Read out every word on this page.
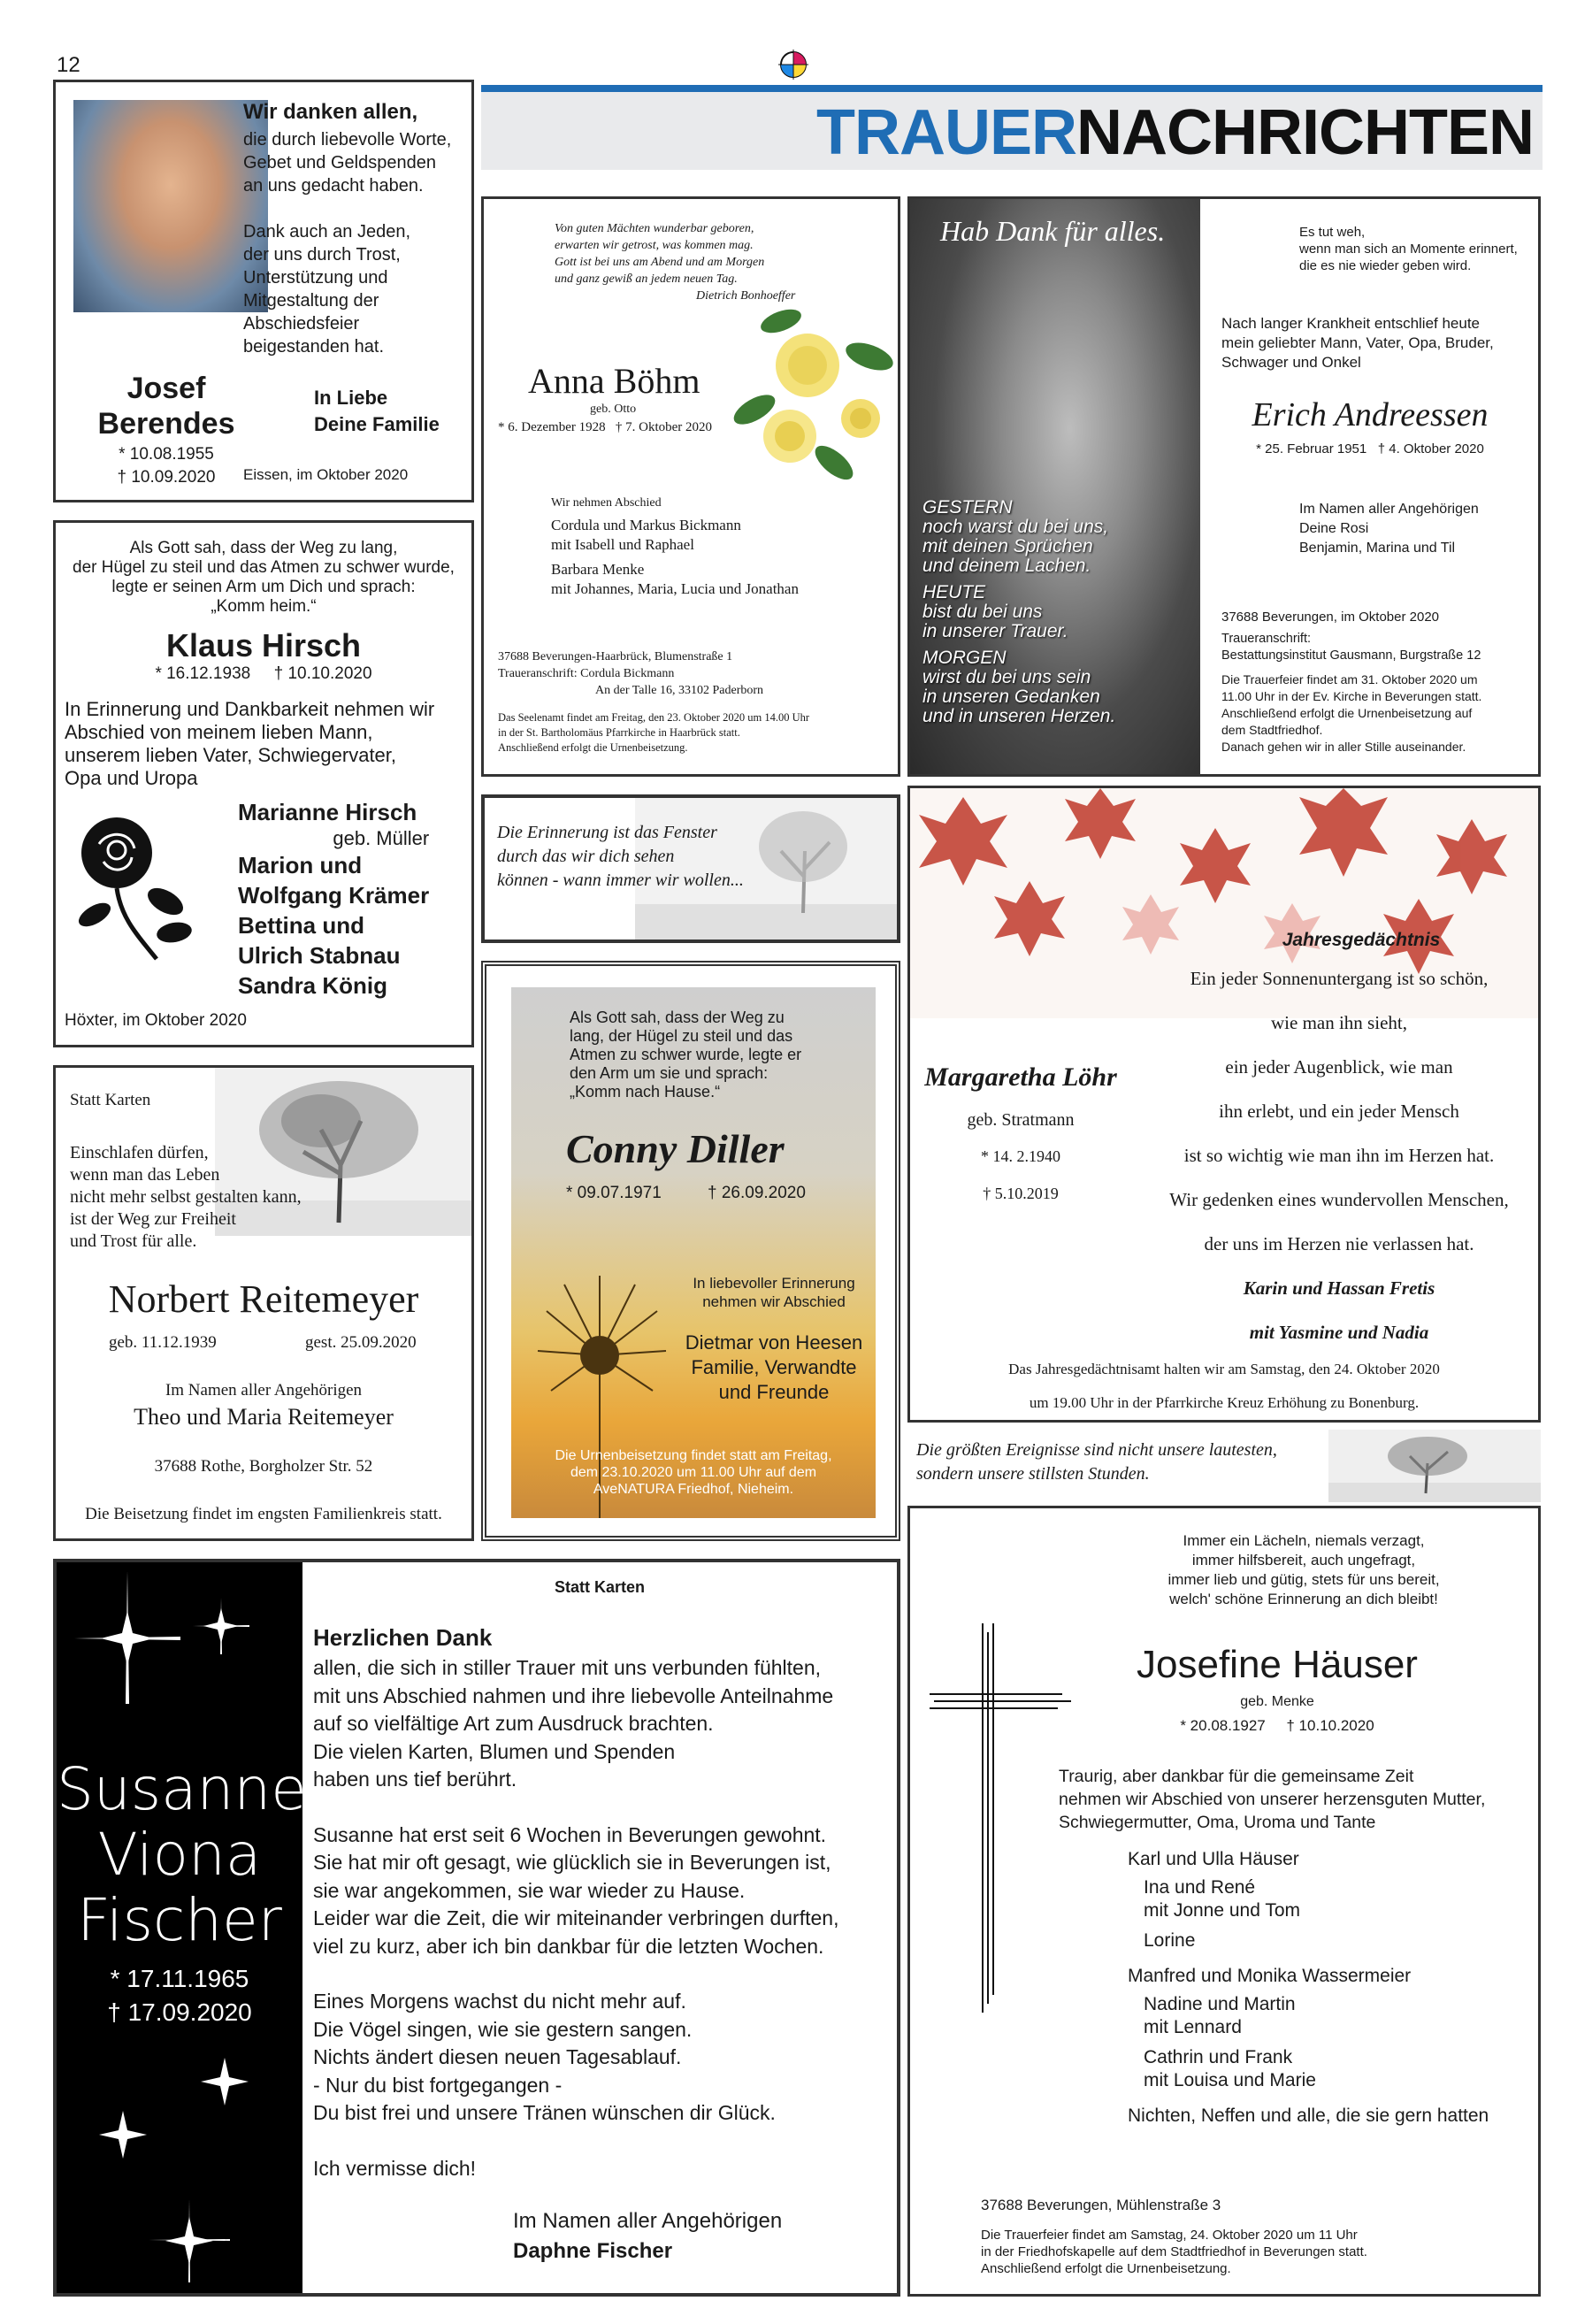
12
TRAUERNACHRICHTEN
Wir danken allen,
die durch liebevolle Worte,
Gebet und Geldspenden
an uns gedacht haben.
Dank auch an Jeden,
der uns durch Trost,
Unterstützung und
Mitgestaltung der
Abschiedsfeier
beigestanden hat.
Josef
Berendes
* 10.08.1955
† 10.09.2020
In Liebe
Deine Familie
Eissen, im Oktober 2020
Als Gott sah, dass der Weg zu lang,
der Hügel zu steil und das Atmen zu schwer wurde,
legte er seinen Arm um Dich und sprach:
„Komm heim.“
Klaus Hirsch
* 16.12.1938     † 10.10.2020
In Erinnerung und Dankbarkeit nehmen wir
Abschied von meinem lieben Mann,
unserem lieben Vater, Schwiegervater,
Opa und Uropa
Marianne Hirsch
geb. Müller
Marion und
Wolfgang Krämer
Bettina und
Ulrich Stabnau
Sandra König
Höxter, im Oktober 2020
Statt Karten
Einschlafen dürfen,
wenn man das Leben
nicht mehr selbst gestalten kann,
ist der Weg zur Freiheit
und Trost für alle.
Norbert Reitemeyer
geb. 11.12.1939	gest. 25.09.2020
Im Namen aller Angehörigen
Theo und Maria Reitemeyer
37688 Rothe, Borgholzer Str. 52
Die Beisetzung findet im engsten Familienkreis statt.
Von guten Mächten wunderbar geboren,
erwarten wir getrost, was kommen mag.
Gott ist bei uns am Abend und am Morgen
und ganz gewiß an jedem neuen Tag.
Dietrich Bonhoeffer
Anna Böhm
geb. Otto
* 6. Dezember 1928   † 7. Oktober 2020
Wir nehmen Abschied
Cordula und Markus Bickmann
mit Isabell und Raphael
Barbara Menke
mit Johannes, Maria, Lucia und Jonathan
37688 Beverungen-Haarbrück, Blumenstraße 1
Traueranschrift: Cordula Bickmann
An der Talle 16, 33102 Paderborn
Das Seelenamt findet am Freitag, den 23. Oktober 2020 um 14.00 Uhr
in der St. Bartholomäus Pfarrkirche in Haarbrück statt.
Anschließend erfolgt die Urnenbeisetzung.
Hab Dank für alles.
GESTERN
noch warst du bei uns,
mit deinen Sprüchen
und deinem Lachen.
HEUTE
bist du bei uns
in unserer Trauer.
MORGEN
wirst du bei uns sein
in unseren Gedanken
und in unseren Herzen.
Es tut weh,
wenn man sich an Momente erinnert,
die es nie wieder geben wird.
Nach langer Krankheit entschlief heute
mein geliebter Mann, Vater, Opa, Bruder,
Schwager und Onkel
Erich Andreessen
* 25. Februar 1951   † 4. Oktober 2020
Im Namen aller Angehörigen
Deine Rosi
Benjamin, Marina und Til
37688 Beverungen, im Oktober 2020
Traueranschrift:
Bestattungsinstitut Gausmann, Burgstraße 12
Die Trauerfeier findet am 31. Oktober 2020 um
11.00 Uhr in der Ev. Kirche in Beverungen statt.
Anschließend erfolgt die Urnenbeisetzung auf
dem Stadtfriedhof.
Danach gehen wir in aller Stille auseinander.
Die Erinnerung ist das Fenster
durch das wir dich sehen
können - wann immer wir wollen...
Als Gott sah, dass der Weg zu
lang, der Hügel zu steil und das
Atmen zu schwer wurde, legte er
den Arm um sie und sprach:
„Komm nach Hause.“
Conny Diller
* 09.07.1971	† 26.09.2020
In liebevoller Erinnerung
nehmen wir Abschied
Dietmar von Heesen
Familie, Verwandte
und Freunde
Die Urnenbeisetzung findet statt am Freitag,
dem 23.10.2020 um 11.00 Uhr auf dem
AveNATURA Friedhof, Nieheim.
Jahresgedächtnis
Ein jeder Sonnenuntergang ist so schön,
wie man ihn sieht,
ein jeder Augenblick, wie man
ihn erlebt, und ein jeder Mensch
ist so wichtig wie man ihn im Herzen hat.
Wir gedenken eines wundervollen Menschen,
der uns im Herzen nie verlassen hat.
Margaretha Löhr
geb. Stratmann
* 14. 2.1940
† 5.10.2019
Karin und Hassan Fretis
mit Yasmine und Nadia
Das Jahresgedächtnisamt halten wir am Samstag, den 24. Oktober 2020
um 19.00 Uhr in der Pfarrkirche Kreuz Erhöhung zu Bonenburg.
Die größten Ereignisse sind nicht unsere lautesten,
sondern unsere stillsten Stunden.
Susanne
Viona
Fischer
* 17.11.1965
† 17.09.2020
Statt Karten
Herzlichen Dank
allen, die sich in stiller Trauer mit uns verbunden fühlten,
mit uns Abschied nahmen und ihre liebevolle Anteilnahme
auf so vielfältige Art zum Ausdruck brachten.
Die vielen Karten, Blumen und Spenden
haben uns tief berührt.
Susanne hat erst seit 6 Wochen in Beverungen gewohnt.
Sie hat mir oft gesagt, wie glücklich sie in Beverungen ist,
sie war angekommen, sie war wieder zu Hause.
Leider war die Zeit, die wir miteinander verbringen durften,
viel zu kurz, aber ich bin dankbar für die letzten Wochen.
Eines Morgens wachst du nicht mehr auf.
Die Vögel singen, wie sie gestern sangen.
Nichts ändert diesen neuen Tagesablauf.
- Nur du bist fortgegangen -
Du bist frei und unsere Tränen wünschen dir Glück.
Ich vermisse dich!
Im Namen aller Angehörigen
Daphne Fischer
Immer ein Lächeln, niemals verzagt,
immer hilfsbereit, auch ungefragt,
immer lieb und gütig, stets für uns bereit,
welch' schöne Erinnerung an dich bleibt!
Josefine Häuser
geb. Menke
* 20.08.1927     † 10.10.2020
Traurig, aber dankbar für die gemeinsame Zeit
nehmen wir Abschied von unserer herzensguten Mutter,
Schwiegermutter, Oma, Uroma und Tante
Karl und Ulla Häuser
Ina und René
mit Jonne und Tom
Lorine
Manfred und Monika Wassermeier
Nadine und Martin
mit Lennard
Cathrin und Frank
mit Louisa und Marie
Nichten, Neffen und alle, die sie gern hatten
37688 Beverungen, Mühlenstraße 3
Die Trauerfeier findet am Samstag, 24. Oktober 2020 um 11 Uhr
in der Friedhofskapelle auf dem Stadtfriedhof in Beverungen statt.
Anschließend erfolgt die Urnenbeisetzung.
